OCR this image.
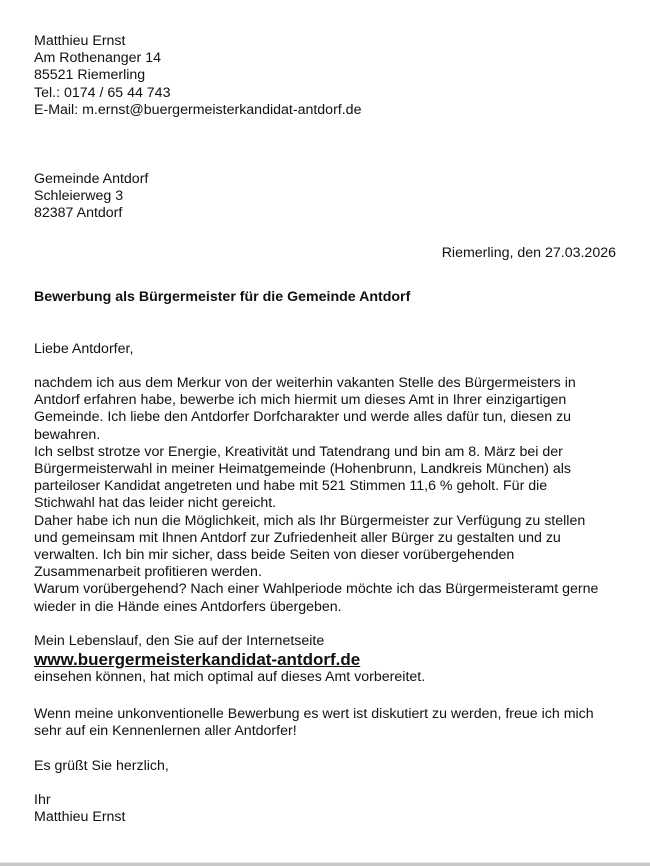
Matthieu Ernst
Am Rothenanger 14
85521 Riemerling
Tel.: 0174 / 65 44 743
E-Mail: m.ernst@buergermeisterkandidat-antdorf.de
Gemeinde Antdorf
Schleierweg 3
82387 Antdorf
Riemerling, den 27.03.2026
Bewerbung als Bürgermeister für die Gemeinde Antdorf
Liebe Antdorfer,
nachdem ich aus dem Merkur von der weiterhin vakanten Stelle des Bürgermeisters in
Antdorf erfahren habe, bewerbe ich mich hiermit um dieses Amt in Ihrer einzigartigen
Gemeinde. Ich liebe den Antdorfer Dorfcharakter und werde alles dafür tun, diesen zu
bewahren.
Ich selbst strotze vor Energie, Kreativität und Tatendrang und bin am 8. März bei der
Bürgermeisterwahl in meiner Heimatgemeinde (Hohenbrunn, Landkreis München) als
parteiloser Kandidat angetreten und habe mit 521 Stimmen 11,6 % geholt. Für die
Stichwahl hat das leider nicht gereicht.
Daher habe ich nun die Möglichkeit, mich als Ihr Bürgermeister zur Verfügung zu stellen
und gemeinsam mit Ihnen Antdorf zur Zufriedenheit aller Bürger zu gestalten und zu
verwalten. Ich bin mir sicher, dass beide Seiten von dieser vorübergehenden
Zusammenarbeit profitieren werden.
Warum vorübergehend? Nach einer Wahlperiode möchte ich das Bürgermeisteramt gerne
wieder in die Hände eines Antdorfers übergeben.
Mein Lebenslauf, den Sie auf der Internetseite
www.buergermeisterkandidat-antdorf.de
einsehen können, hat mich optimal auf dieses Amt vorbereitet.
Wenn meine unkonventionelle Bewerbung es wert ist diskutiert zu werden, freue ich mich
sehr auf ein Kennenlernen aller Antdorfer!
Es grüßt Sie herzlich,
Ihr
Matthieu Ernst
